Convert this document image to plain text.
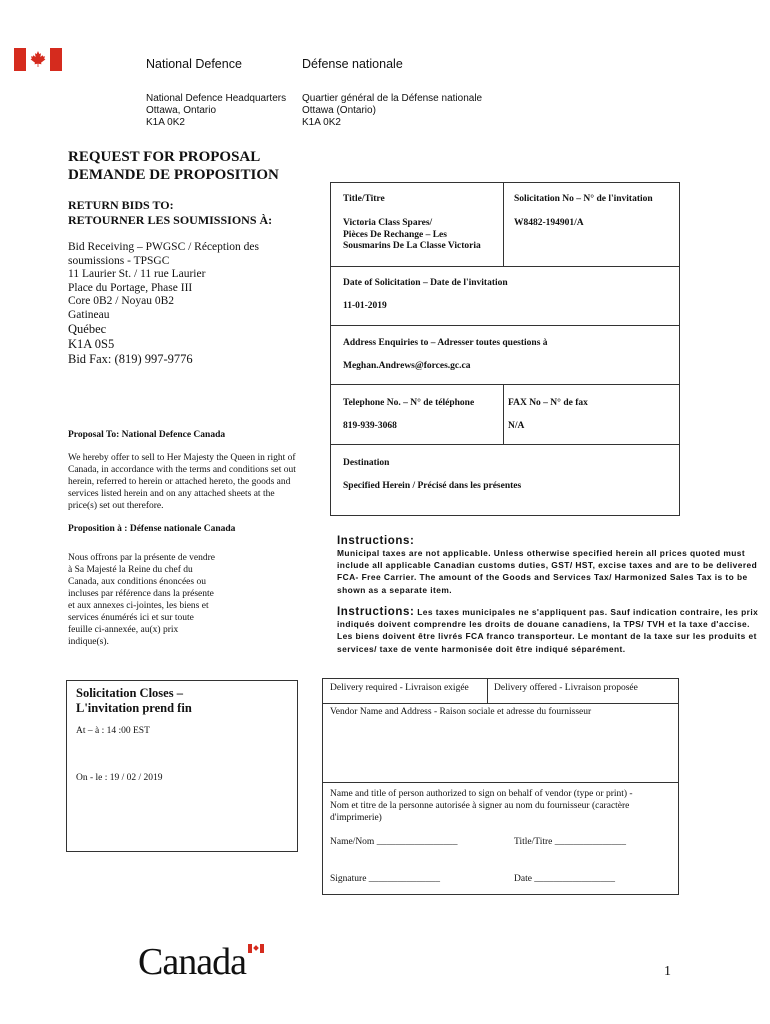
National Defence	Défense nationale
National Defence Headquarters
Ottawa, Ontario
K1A 0K2
Quartier général de la Défense nationale
Ottawa (Ontario)
K1A 0K2
REQUEST FOR PROPOSAL
DEMANDE DE PROPOSITION
RETURN BIDS TO:
RETOURNER LES SOUMISSIONS À:
Bid Receiving – PWGSC / Réception des
soumissions - TPSGC
11 Laurier St. / 11 rue Laurier
Place du Portage, Phase III
Core 0B2 / Noyau 0B2
Gatineau
Québec
K1A 0S5
Bid Fax: (819) 997-9776
Proposal To: National Defence Canada
We hereby offer to sell to Her Majesty the Queen in right of Canada, in accordance with the terms and conditions set out herein, referred to herein or attached hereto, the goods and services listed herein and on any attached sheets at the price(s) set out therefore.
Proposition à : Défense nationale Canada
Nous offrons par la présente de vendre à Sa Majesté la Reine du chef du Canada, aux conditions énoncées ou incluses par référence dans la présente et aux annexes ci-jointes, les biens et services énumérés ici et sur toute feuille ci-annexée, au(x) prix indique(s).
Title/Titre	Solicitation No – N° de l'invitation
Victoria Class Spares/
Pièces De Rechange – Les
Sousmarins De La Classe Victoria
W8482-194901/A
Date of Solicitation – Date de l'invitation
11-01-2019
Address Enquiries to – Adresser toutes questions à
Meghan.Andrews@forces.gc.ca
Telephone No. – N° de téléphone	FAX No – N° de fax
819-939-3068	N/A
Destination
Specified Herein / Précisé dans les présentes
Instructions:
Municipal taxes are not applicable. Unless otherwise specified herein all prices quoted must include all applicable Canadian customs duties, GST/ HST, excise taxes and are to be delivered FCA- Free Carrier. The amount of the Goods and Services Tax/ Harmonized Sales Tax is to be shown as a separate item.
Instructions: Les taxes municipales ne s'appliquent pas. Sauf indication contraire, les prix indiqués doivent comprendre les droits de douane canadiens, la TPS/ TVH et la taxe d'accise. Les biens doivent être livrés FCA franco transporteur. Le montant de la taxe sur les produits et services/ taxe de vente harmonisée doit être indiqué séparément.
Solicitation Closes –
L'invitation prend fin
At – à : 14 :00 EST
On - le : 19 / 02 / 2019
Delivery required - Livraison exigée	Delivery offered - Livraison proposée
Vendor Name and Address - Raison sociale et adresse du fournisseur
Name and title of person authorized to sign on behalf of vendor (type or print) - Nom et titre de la personne autorisée à signer au nom du fournisseur (caractère d'imprimerie)
Name/Nom _________________	Title/Titre _______________
Signature _______________	Date _________________
Canada	1
